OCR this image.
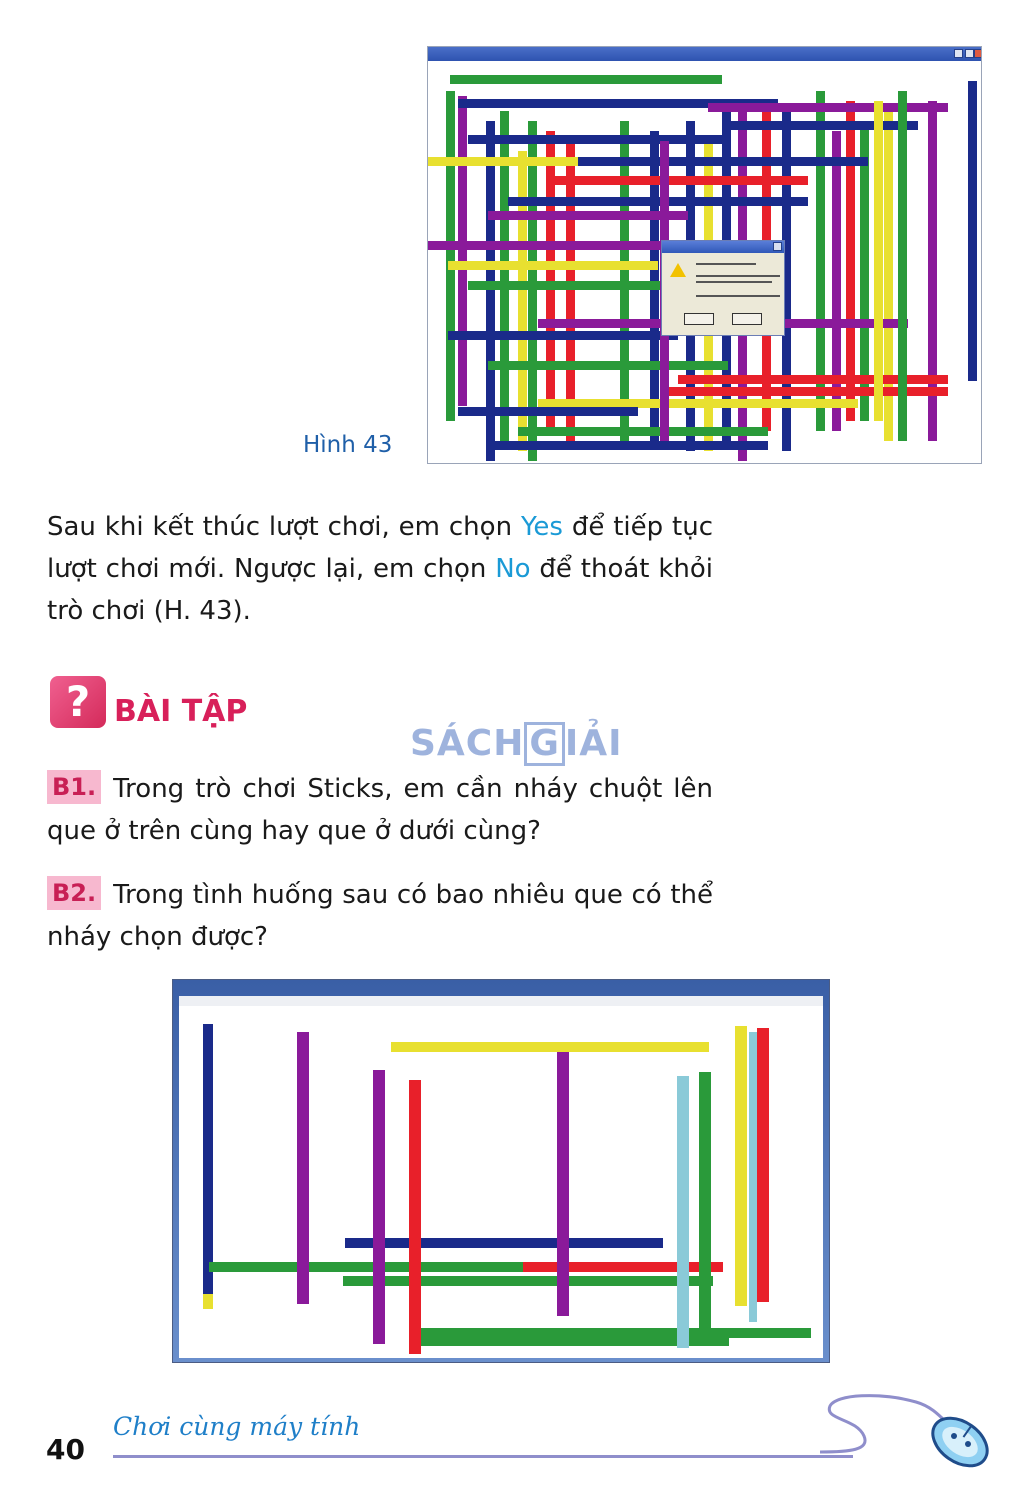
Hình 43
Sau khi kết thúc lượt chơi, em chọn Yes để tiếp tục lượt chơi mới. Ngược lại, em chọn No để thoát khỏi trò chơi (H. 43).
? BÀI TẬP
SÁCH G IẢI
B1. Trong trò chơi Sticks, em cần nháy chuột lên que ở trên cùng hay que ở dưới cùng?
B2. Trong tình huống sau có bao nhiêu que có thể nháy chọn được?
40
Chơi cùng máy tính
